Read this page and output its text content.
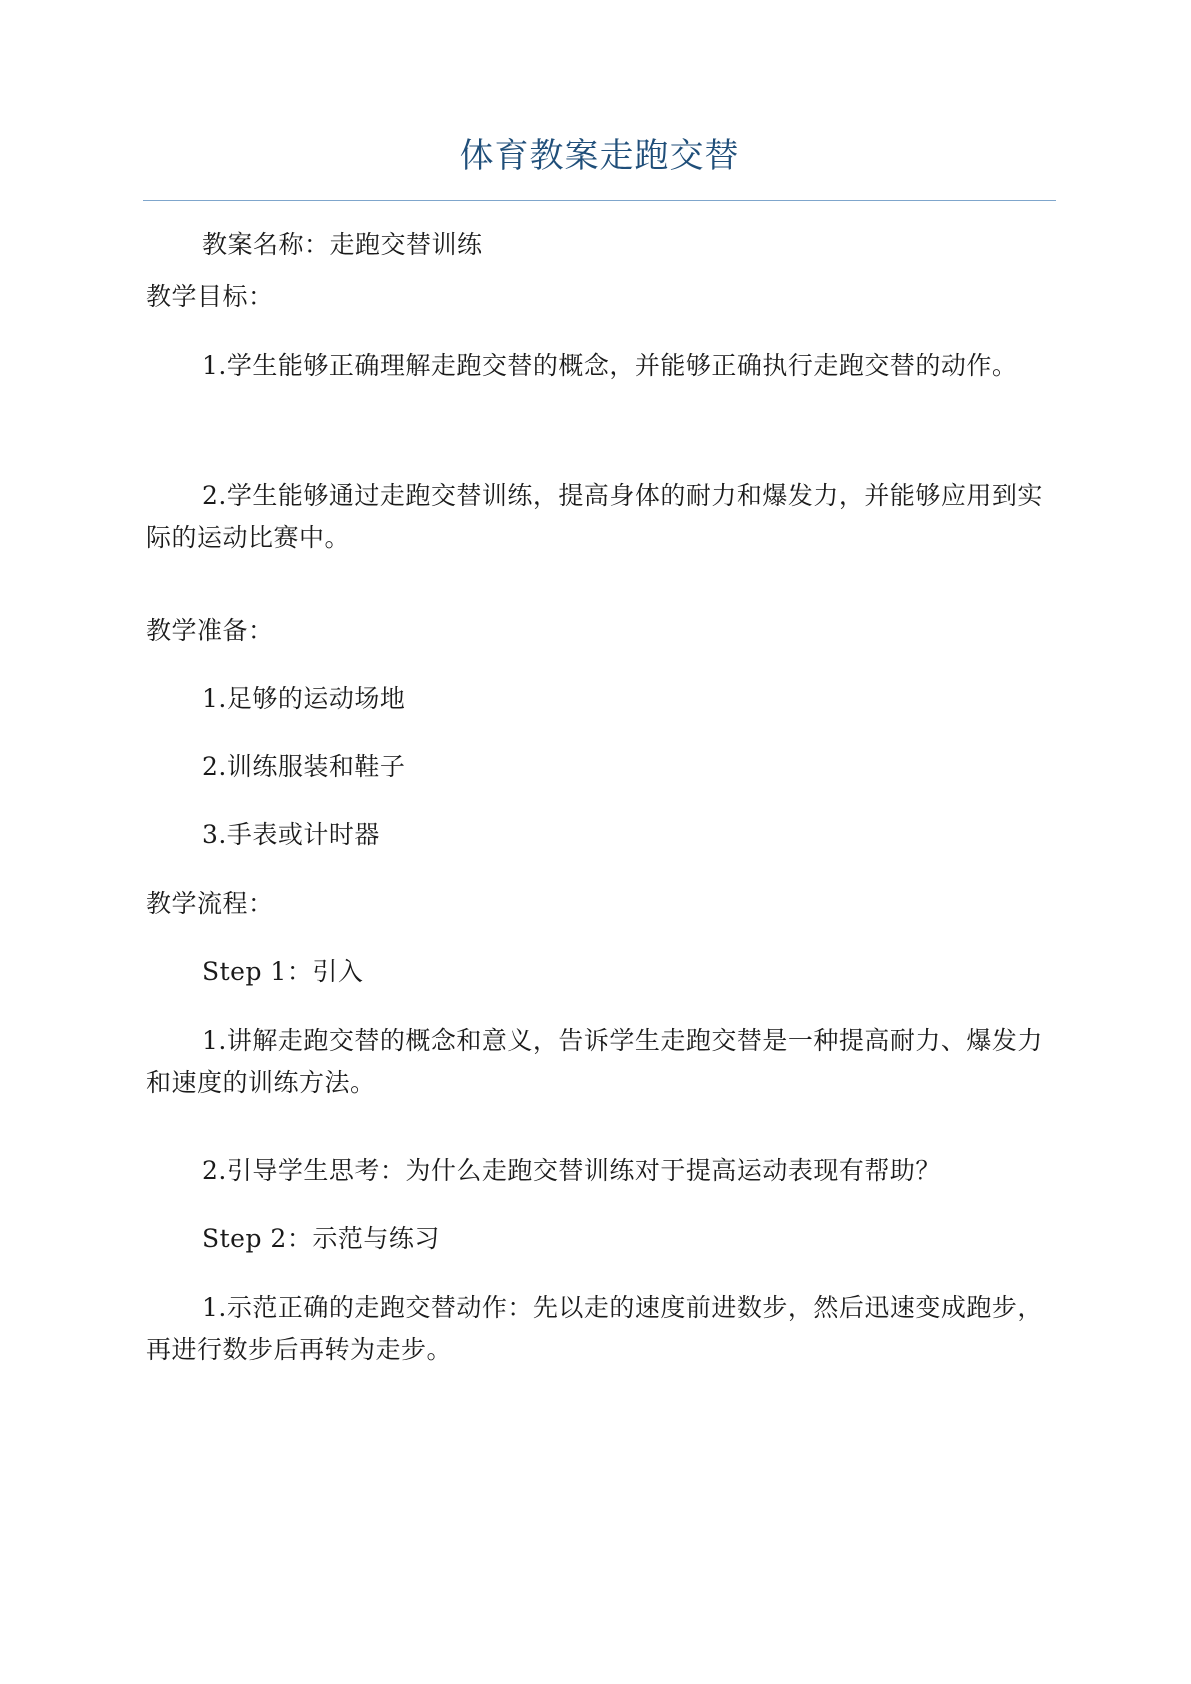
体育教案走跑交替
教案名称：走跑交替训练
教学目标：
1.学生能够正确理解走跑交替的概念，并能够正确执行走跑交替的动作。
2.学生能够通过走跑交替训练，提高身体的耐力和爆发力，并能够应用到实际的运动比赛中。
教学准备：
1.足够的运动场地
2.训练服装和鞋子
3.手表或计时器
教学流程：
Step 1：引入
1.讲解走跑交替的概念和意义，告诉学生走跑交替是一种提高耐力、爆发力和速度的训练方法。
2.引导学生思考：为什么走跑交替训练对于提高运动表现有帮助？
Step 2：示范与练习
1.示范正确的走跑交替动作：先以走的速度前进数步，然后迅速变成跑步，再进行数步后再转为走步。
